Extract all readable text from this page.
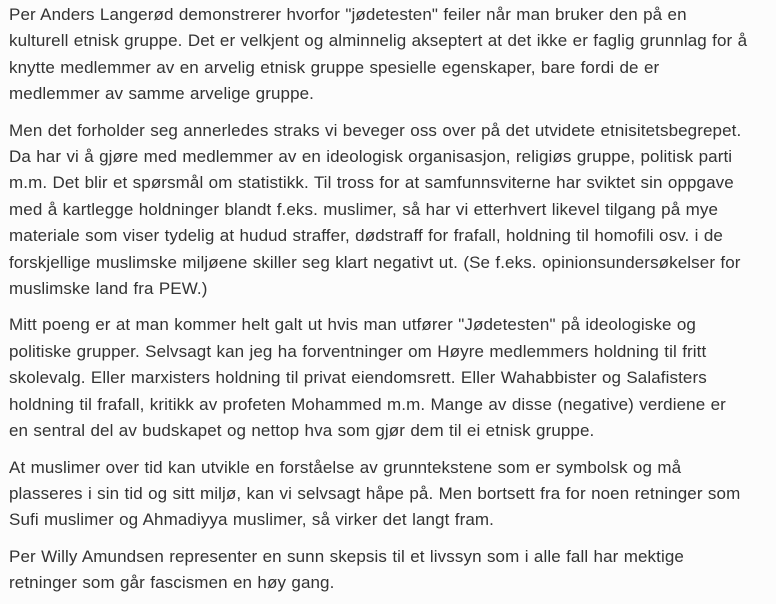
Per Anders Langerød demonstrerer hvorfor "jødetesten" feiler når man bruker den på en kulturell etnisk gruppe. Det er velkjent og alminnelig akseptert at det ikke er faglig grunnlag for å knytte medlemmer av en arvelig etnisk gruppe spesielle egenskaper, bare fordi de er medlemmer av samme arvelige gruppe.

Men det forholder seg annerledes straks vi beveger oss over på det utvidete etnisitetsbegrepet. Da har vi å gjøre med medlemmer av en ideologisk organisasjon, religiøs gruppe, politisk parti m.m. Det blir et spørsmål om statistikk. Til tross for at samfunnsviterne har sviktet sin oppgave med å kartlegge holdninger blandt f.eks. muslimer, så har vi etterhvert likevel tilgang på mye materiale som viser tydelig at hudud straffer, dødstraff for frafall, holdning til homofili osv. i de forskjellige muslimske miljøene skiller seg klart negativt ut. (Se f.eks. opinionsundersøkelser for muslimske land fra PEW.)

Mitt poeng er at man kommer helt galt ut hvis man utfører "Jødetesten" på ideologiske og politiske grupper. Selvsagt kan jeg ha forventninger om Høyre medlemmers holdning til fritt skolevalg. Eller marxisters holdning til privat eiendomsrett. Eller Wahabbister og Salafisters holdning til frafall, kritikk av profeten Mohammed m.m. Mange av disse (negative) verdiene er en sentral del av budskapet og nettop hva som gjør dem til ei etnisk gruppe.

At muslimer over tid kan utvikle en forståelse av grunntekstene som er symbolsk og må plasseres i sin tid og sitt miljø, kan vi selvsagt håpe på. Men bortsett fra for noen retninger som Sufi muslimer og Ahmadiyya muslimer, så virker det langt fram.

Per Willy Amundsen representer en sunn skepsis til et livssyn som i alle fall har mektige retninger som går fascismen en høy gang.
